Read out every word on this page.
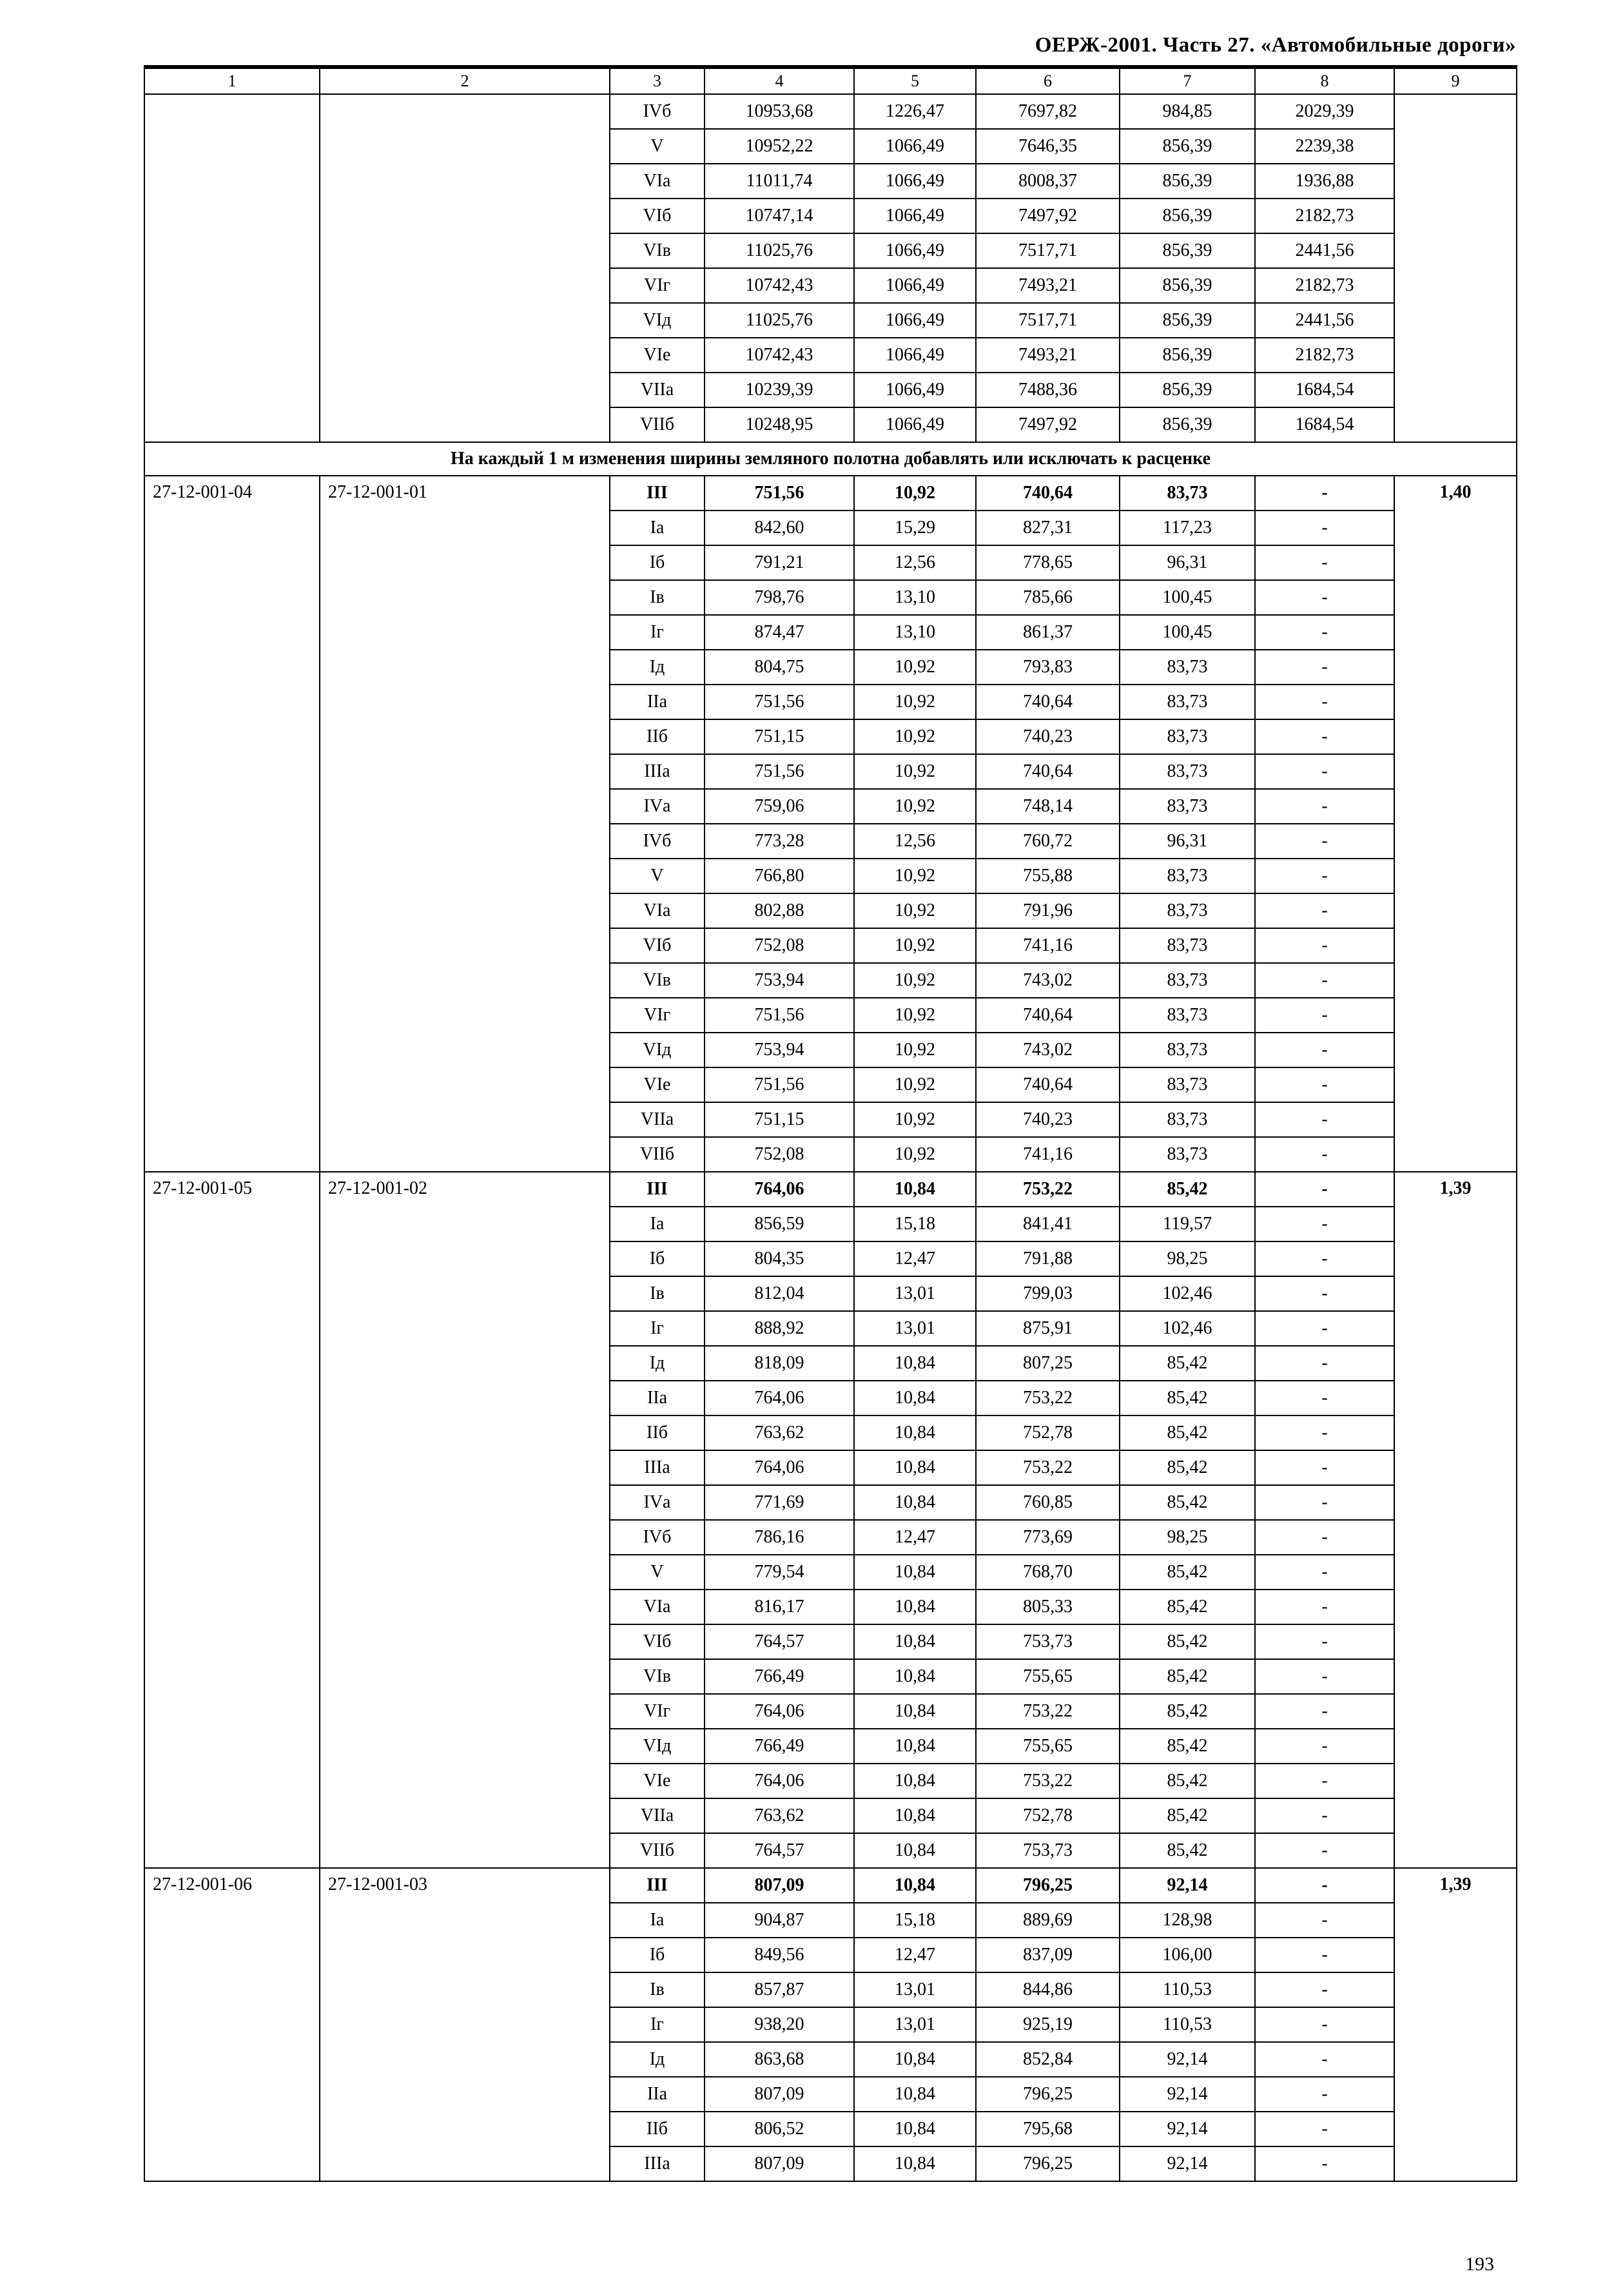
ОЕРЖ-2001. Часть 27. «Автомобильные дороги»
1	2	3	4	5	6	7	8	9
		IVб	10953,68	1226,47	7697,82	984,85	2029,39	
		V	10952,22	1066,49	7646,35	856,39	2239,38	
		VIа	11011,74	1066,49	8008,37	856,39	1936,88	
		VIб	10747,14	1066,49	7497,92	856,39	2182,73	
		VIв	11025,76	1066,49	7517,71	856,39	2441,56	
		VIг	10742,43	1066,49	7493,21	856,39	2182,73	
		VIд	11025,76	1066,49	7517,71	856,39	2441,56	
		VIе	10742,43	1066,49	7493,21	856,39	2182,73	
		VIIа	10239,39	1066,49	7488,36	856,39	1684,54	
		VIIб	10248,95	1066,49	7497,92	856,39	1684,54	
На каждый 1 м изменения ширины земляного полотна добавлять или исключать к расценке								
27-12-001-04	27-12-001-01	III	751,56	10,92	740,64	83,73	-	1,40
		Iа	842,60	15,29	827,31	117,23	-	
		Iб	791,21	12,56	778,65	96,31	-	
		Iв	798,76	13,10	785,66	100,45	-	
		Iг	874,47	13,10	861,37	100,45	-	
		Iд	804,75	10,92	793,83	83,73	-	
		IIа	751,56	10,92	740,64	83,73	-	
		IIб	751,15	10,92	740,23	83,73	-	
		IIIа	751,56	10,92	740,64	83,73	-	
		IVа	759,06	10,92	748,14	83,73	-	
		IVб	773,28	12,56	760,72	96,31	-	
		V	766,80	10,92	755,88	83,73	-	
		VIа	802,88	10,92	791,96	83,73	-	
		VIб	752,08	10,92	741,16	83,73	-	
		VIв	753,94	10,92	743,02	83,73	-	
		VIг	751,56	10,92	740,64	83,73	-	
		VIд	753,94	10,92	743,02	83,73	-	
		VIе	751,56	10,92	740,64	83,73	-	
		VIIа	751,15	10,92	740,23	83,73	-	
		VIIб	752,08	10,92	741,16	83,73	-	
27-12-001-05	27-12-001-02	III	764,06	10,84	753,22	85,42	-	1,39
		Iа	856,59	15,18	841,41	119,57	-	
		Iб	804,35	12,47	791,88	98,25	-	
		Iв	812,04	13,01	799,03	102,46	-	
		Iг	888,92	13,01	875,91	102,46	-	
		Iд	818,09	10,84	807,25	85,42	-	
		IIа	764,06	10,84	753,22	85,42	-	
		IIб	763,62	10,84	752,78	85,42	-	
		IIIа	764,06	10,84	753,22	85,42	-	
		IVа	771,69	10,84	760,85	85,42	-	
		IVб	786,16	12,47	773,69	98,25	-	
		V	779,54	10,84	768,70	85,42	-	
		VIа	816,17	10,84	805,33	85,42	-	
		VIб	764,57	10,84	753,73	85,42	-	
		VIв	766,49	10,84	755,65	85,42	-	
		VIг	764,06	10,84	753,22	85,42	-	
		VIд	766,49	10,84	755,65	85,42	-	
		VIе	764,06	10,84	753,22	85,42	-	
		VIIа	763,62	10,84	752,78	85,42	-	
		VIIб	764,57	10,84	753,73	85,42	-	
27-12-001-06	27-12-001-03	III	807,09	10,84	796,25	92,14	-	1,39
		Iа	904,87	15,18	889,69	128,98	-	
		Iб	849,56	12,47	837,09	106,00	-	
		Iв	857,87	13,01	844,86	110,53	-	
		Iг	938,20	13,01	925,19	110,53	-	
		Iд	863,68	10,84	852,84	92,14	-	
		IIа	807,09	10,84	796,25	92,14	-	
		IIб	806,52	10,84	795,68	92,14	-	
		IIIа	807,09	10,84	796,25	92,14	-	
193
